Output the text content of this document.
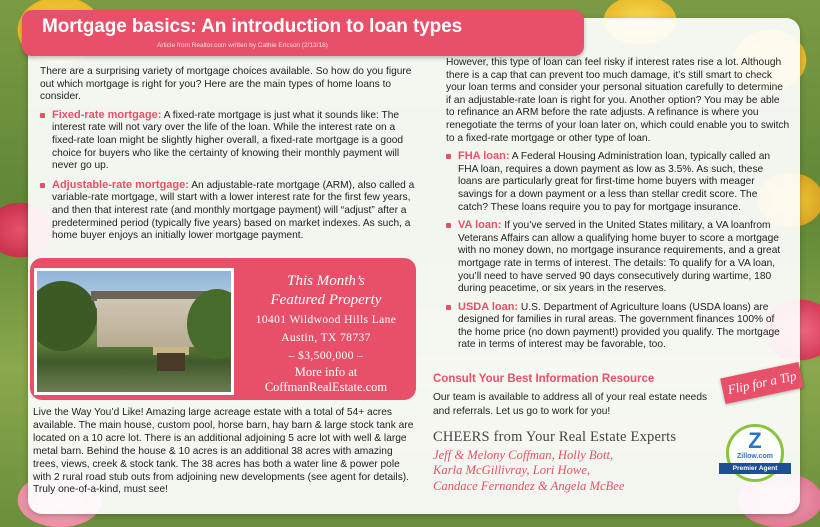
Mortgage basics: An introduction to loan types
Article from Realtor.com written by Cathie Ericson (2/13/18)

There are a surprising variety of mortgage choices available. So how do you figure out which mortgage is right for you? Here are the main types of home loans to consider.

Fixed-rate mortgage: A fixed-rate mortgage is just what it sounds like: The interest rate will not vary over the life of the loan. While the interest rate on a fixed-rate loan might be slightly higher overall, a fixed-rate mortgage is a good choice for buyers who like the certainty of knowing their monthly payment will never go up.
Adjustable-rate mortgage: An adjustable-rate mortgage (ARM), also called a variable-rate mortgage, will start with a lower interest rate for the first few years, and then that interest rate (and monthly mortgage payment) will “adjust” after a predetermined period (typically five years) based on market indexes. As such, a home buyer enjoys an initially lower mortgage payment.
This Month’s
Featured Property
10401 Wildwood Hills Lane
Austin, TX 78737
– $3,500,000 –
More info at
CoffmanRealEstate.com
Live the Way You’d Like! Amazing large acreage estate with a total of 54+ acres available. The main house, custom pool, horse barn, hay barn & large stock tank are located on a 10 acre lot. There is an additional adjoining 5 acre lot with well & large metal barn. Behind the house & 10 acres is an additional 38 acres with amazing trees, views, creek & stock tank. The 38 acres has both a water line & power pole with 2 rural road stub outs from adjoining new developments (see agent for details). Truly one-of-a-kind, must see!

However, this type of loan can feel risky if interest rates rise a lot. Although there is a cap that can prevent too much damage, it’s still smart to check your loan terms and consider your personal situation carefully to determine if an adjustable-rate loan is right for you. Another option? You may be able to refinance an ARM before the rate adjusts. A refinance is where you renegotiate the terms of your loan later on, which could enable you to switch to a fixed-rate mortgage or other type of loan.

FHA loan: A Federal Housing Administration loan, typically called an FHA loan, requires a down payment as low as 3.5%. As such, these loans are particularly great for first-time home buyers with meager savings for a down payment or a less than stellar credit score. The catch? These loans require you to pay for mortgage insurance.
VA loan: If you’ve served in the United States military, a VA loanfrom Veterans Affairs can allow a qualifying home buyer to score a mortgage with no money down, no mortgage insurance requirements, and a great mortgage rate in terms of interest. The details: To qualify for a VA loan, you’ll need to have served 90 days consecutively during wartime, 180 during peacetime, or six years in the reserves.
USDA loan: U.S. Department of Agriculture loans (USDA loans) are designed for families in rural areas. The government finances 100% of the home price (no down payment!) provided you qualify. The mortgage rate in terms of interest may be favorable, too.
Consult Your Best Information Resource
Our team is available to address all of your real estate needs and referrals. Let us go to work for you!
CHEERS from Your Real Estate Experts
Jeff & Melony Coffman, Holly Bott,
Karla McGillivray, Lori Howe,
Candace Fernandez & Angela McBee
Flip for a Tip
Z
Zillow.com
Premier Agent
